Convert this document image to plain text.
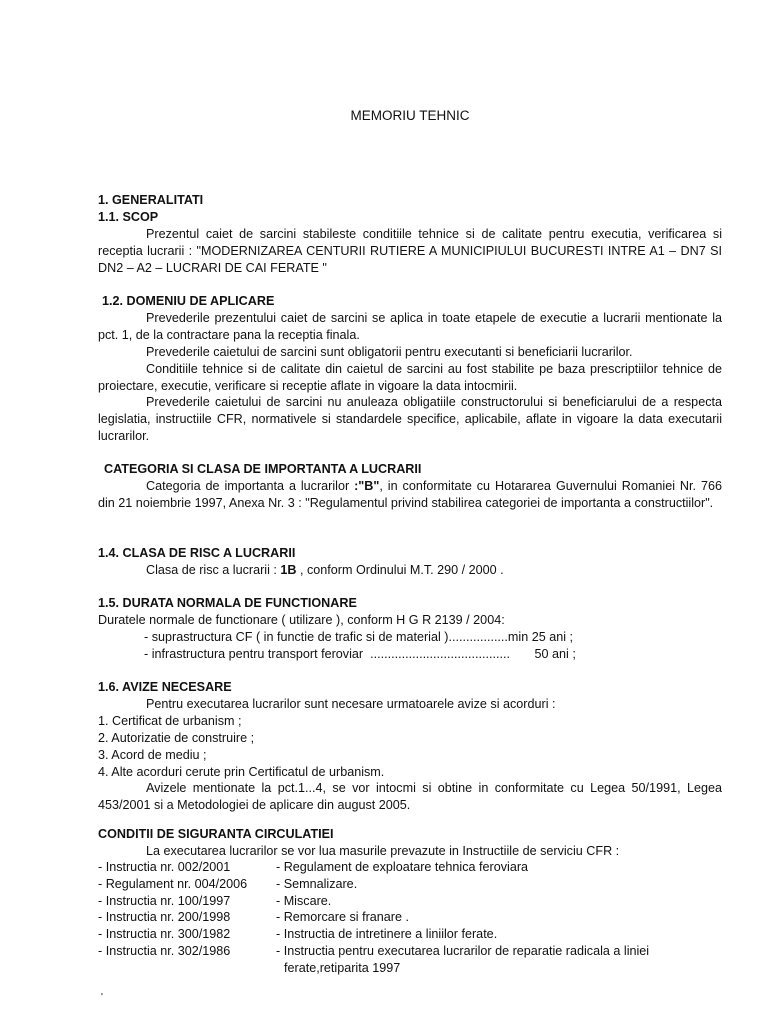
MEMORIU TEHNIC
1. GENERALITATI
1.1. SCOP
Prezentul caiet de sarcini stabileste conditiile tehnice si de calitate pentru executia, verificarea si receptia lucrarii : "MODERNIZAREA CENTURII RUTIERE A MUNICIPIULUI BUCURESTI INTRE A1 – DN7 SI DN2 – A2 – LUCRARI DE CAI FERATE "
1.2. DOMENIU DE APLICARE
Prevederile prezentului caiet de sarcini se aplica in toate etapele de executie a lucrarii mentionate la pct. 1, de la contractare pana la receptia finala.
Prevederile caietului de sarcini sunt obligatorii pentru executanti si beneficiarii lucrarilor.
Conditiile tehnice si de calitate din caietul de sarcini au fost stabilite pe baza prescriptiilor tehnice de proiectare, executie, verificare si receptie aflate in vigoare la data intocmirii.
Prevederile caietului de sarcini nu anuleaza obligatiile constructorului si beneficiarului de a respecta legislatia, instructiile CFR, normativele si standardele specifice, aplicabile, aflate in vigoare la data executarii lucrarilor.
CATEGORIA SI CLASA DE IMPORTANTA A LUCRARII
Categoria de importanta a lucrarilor :"B", in conformitate cu Hotararea Guvernului Romaniei Nr. 766 din 21 noiembrie 1997, Anexa Nr. 3 : "Regulamentul privind stabilirea categoriei de importanta a constructiilor".
1.4. CLASA DE RISC A LUCRARII
Clasa de risc a lucrarii : 1B , conform Ordinului M.T. 290 / 2000 .
1.5. DURATA NORMALA DE FUNCTIONARE
Duratele normale de functionare ( utilizare ), conform H G R 2139 / 2004:
- suprastructura CF ( in functie de trafic si de material ).................min 25 ani ;
- infrastructura pentru transport feroviar  ........................................       50 ani ;
1.6. AVIZE NECESARE
Pentru executarea lucrarilor sunt necesare urmatoarele avize si acorduri :
1. Certificat de urbanism ;
2. Autorizatie de construire ;
3. Acord de mediu ;
4. Alte acorduri cerute prin Certificatul de urbanism.
Avizele mentionate la pct.1...4, se vor intocmi si obtine in conformitate cu Legea 50/1991, Legea 453/2001 si a Metodologiei de aplicare din august 2005.
CONDITII DE SIGURANTA CIRCULATIEI
La executarea lucrarilor se vor lua masurile prevazute in Instructiile de serviciu CFR :
- Instructia nr. 002/2001	- Regulament de exploatare tehnica feroviara
- Regulament nr. 004/2006	- Semnalizare.
- Instructia nr. 100/1997	- Miscare.
- Instructia nr. 200/1998	- Remorcare si franare .
- Instructia nr. 300/1982	- Instructia de intretinere a liniilor ferate.
- Instructia nr. 302/1986	- Instructia pentru executarea lucrarilor de reparatie radicala a liniei
ferate,retiparita 1997
'
